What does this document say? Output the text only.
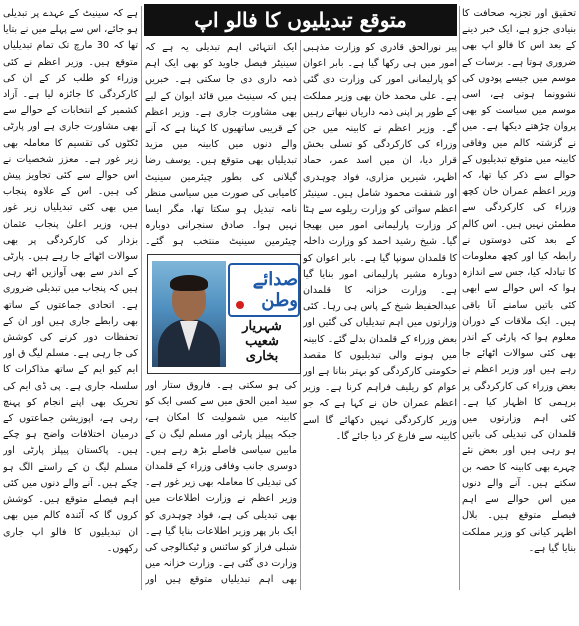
تحقیق اور تجزیہ صحافت کا بنیادی جزو ہے، ایک خبر دینے کے بعد اس کا فالو اپ بھی ضروری ہوتا ہے۔ برسات کے موسم میں جیسے پودوں کی نشوونما ہوتی ہے، اسی موسم میں سیاست کو بھی پروان چڑھتے دیکھا ہے۔ میں نے گزشتہ کالم میں وفاقی کابینہ میں متوقع تبدیلیوں کے حوالے سے ذکر کیا تھا، کہ وزیر اعظم عمران خان کچھ وزراء کی کارکردگی سے مطمئن نہیں ہیں۔ اس کالم کے بعد کئی دوستوں نے رابطہ کیا اور کچھ معلومات کا تبادلہ کیا، جس سے اندازہ ہوا کہ اس حوالے سے ابھی کئی باتیں سامنے آنا باقی ہیں۔ ایک ملاقات کے دوران معلوم ہوا کہ پارٹی کے اندر بھی کئی سوالات اٹھائے جا رہے ہیں اور وزیر اعظم نے بعض وزراء کی کارکردگی پر برہمی کا اظہار کیا ہے۔ کئی اہم وزارتوں میں قلمدان کی تبدیلی کی باتیں ہو رہی ہیں اور بعض نئے چہرے بھی کابینہ کا حصہ بن سکتے ہیں۔ آنے والے دنوں میں اس حوالے سے اہم فیصلے متوقع ہیں۔ بلال اظہر کیانی کو وزیر مملکت بنایا گیا ہے۔
متوقع تبدیلیوں کا فالو اپ
پیر نورالحق قادری کو وزارت مذہبی امور میں ہی رکھا گیا ہے۔ بابر اعوان کو پارلیمانی امور کی وزارت دی گئی ہے۔ علی محمد خان بھی وزیر مملکت کے طور پر اپنی ذمہ داریاں نبھاتے رہیں گے۔ وزیر اعظم نے کابینہ میں جن وزراء کی کارکردگی کو تسلی بخش قرار دیا، ان میں اسد عمر، حماد اظہر، شیریں مزاری، فواد چوہدری اور شفقت محمود شامل ہیں۔ سینیٹر اعظم سواتی کو وزارت ریلوے سے ہٹا کر وزارت پارلیمانی امور میں بھیجا گیا۔ شیخ رشید احمد کو وزارت داخلہ کا قلمدان سونپا گیا ہے۔ بابر اعوان کو دوبارہ مشیر پارلیمانی امور بنایا گیا ہے۔ وزارت خزانہ کا قلمدان عبدالحفیظ شیخ کے پاس ہی رہا۔ کئی وزارتوں میں اہم تبدیلیاں کی گئیں اور بعض وزراء کے قلمدان بدلے گئے۔ کابینہ میں ہونے والی تبدیلیوں کا مقصد حکومتی کارکردگی کو بہتر بنانا ہے اور عوام کو ریلیف فراہم کرنا ہے۔ وزیر اعظم عمران خان نے کہا ہے کہ جو وزیر کارکردگی نہیں دکھائے گا اسے کابینہ سے فارغ کر دیا جائے گا۔
ایک انتہائی اہم تبدیلی یہ ہے کہ سینیٹر فیصل جاوید کو بھی ایک اہم ذمہ داری دی جا سکتی ہے۔ خبریں ہیں کہ سینیٹ میں قائد ایوان کے لیے بھی مشاورت جاری ہے۔ وزیر اعظم کے قریبی ساتھیوں کا کہنا ہے کہ آنے والے دنوں میں کابینہ میں مزید تبدیلیاں بھی متوقع ہیں۔ یوسف رضا گیلانی کی بطور چیئرمین سینیٹ کامیابی کی صورت میں سیاسی منظر نامہ تبدیل ہو سکتا تھا، مگر ایسا نہیں ہوا۔ صادق سنجرانی دوبارہ چیئرمین سینیٹ منتخب ہو گئے۔
صدائے وطن
شہریار شعیب بخاری
کی ہو سکتی ہے۔ فاروق ستار اور سید امین الحق میں سے کسی ایک کو کابینہ میں شمولیت کا امکان ہے، جبکہ پیپلز پارٹی اور مسلم لیگ ن کے مابین سیاسی فاصلے بڑھ رہے ہیں۔ دوسری جانب وفاقی وزراء کے قلمدان کی تبدیلی کا معاملہ بھی زیر غور ہے۔ وزیر اعظم نے وزارت اطلاعات میں بھی تبدیلی کی ہے، فواد چوہدری کو ایک بار پھر وزیر اطلاعات بنایا گیا ہے۔ شبلی فراز کو سائنس و ٹیکنالوجی کی وزارت دی گئی ہے۔ وزارت خزانہ میں بھی اہم تبدیلیاں متوقع ہیں اور
ہے کہ سینیٹ کے عہدے پر تبدیلی ہو جائے، اس سے پہلے میں نے بتایا تھا کہ 30 مارچ تک تمام تبدیلیاں متوقع ہیں۔ وزیر اعظم نے کئی وزراء کو طلب کر کے ان کی کارکردگی کا جائزہ لیا ہے۔ آزاد کشمیر کے انتخابات کے حوالے سے بھی مشاورت جاری ہے اور پارٹی ٹکٹوں کی تقسیم کا معاملہ بھی زیر غور ہے۔ معزز شخصیات نے اس حوالے سے کئی تجاویز پیش کی ہیں۔ اس کے علاوہ پنجاب میں بھی کئی تبدیلیاں زیر غور ہیں، وزیر اعلیٰ پنجاب عثمان بزدار کی کارکردگی پر بھی سوالات اٹھائے جا رہے ہیں۔ پارٹی کے اندر سے بھی آوازیں اٹھ رہی ہیں کہ پنجاب میں تبدیلی ضروری ہے۔ اتحادی جماعتوں کے ساتھ بھی رابطے جاری ہیں اور ان کے تحفظات دور کرنے کی کوشش کی جا رہی ہے۔ مسلم لیگ ق اور ایم کیو ایم کے ساتھ مذاکرات کا سلسلہ جاری ہے۔ پی ڈی ایم کی تحریک بھی اپنے انجام کو پہنچ رہی ہے، اپوزیشن جماعتوں کے درمیان اختلافات واضح ہو چکے ہیں۔ پاکستان پیپلز پارٹی اور مسلم لیگ ن کے راستے الگ ہو چکے ہیں۔ آنے والے دنوں میں کئی اہم فیصلے متوقع ہیں۔ کوشش کروں گا کہ آئندہ کالم میں بھی ان تبدیلیوں کا فالو اپ جاری رکھوں۔
